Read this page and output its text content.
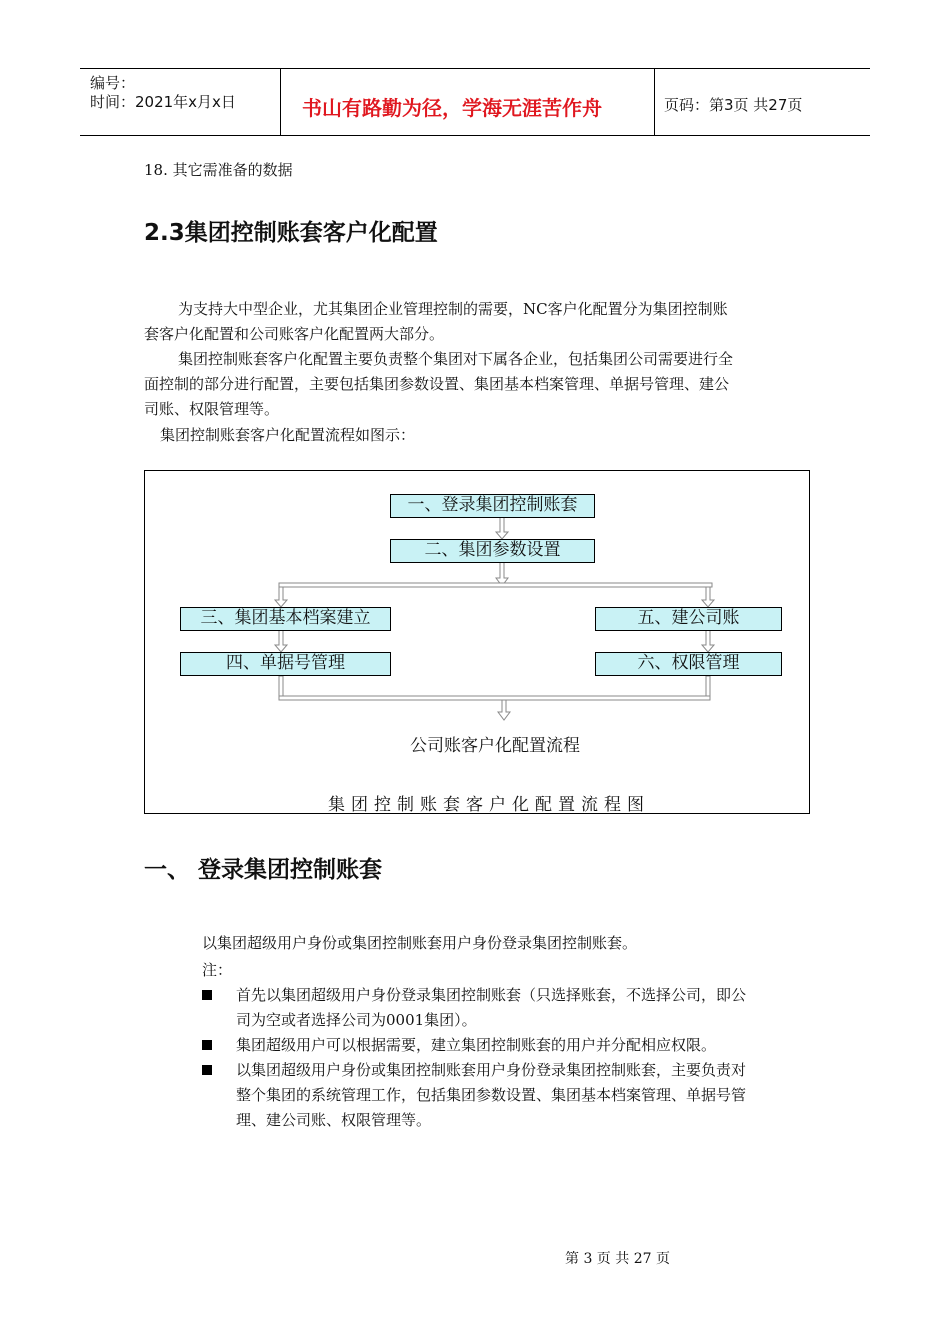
编号：
时间：2021年x月x日	书山有路勤为径，学海无涯苦作舟	页码：第3页 共27页
18. 其它需准备的数据
2.3集团控制账套客户化配置
为支持大中型企业，尤其集团企业管理控制的需要，NC客户化配置分为集团控制账
套客户化配置和公司账客户化配置两大部分。
集团控制账套客户化配置主要负责整个集团对下属各企业，包括集团公司需要进行全
面控制的部分进行配置，主要包括集团参数设置、集团基本档案管理、单据号管理、建公
司账、权限管理等。
集团控制账套客户化配置流程如图示：
一、登录集团控制账套
二、集团参数设置
三、集团基本档案建立
四、单据号管理
五、建公司账
六、权限管理
公司账客户化配置流程
集团控制账套客户化配置流程图
一、 登录集团控制账套
以集团超级用户身份或集团控制账套用户身份登录集团控制账套。
注：
首先以集团超级用户身份登录集团控制账套（只选择账套，不选择公司，即公
司为空或者选择公司为0001集团）。
集团超级用户可以根据需要，建立集团控制账套的用户并分配相应权限。
以集团超级用户身份或集团控制账套用户身份登录集团控制账套，主要负责对
整个集团的系统管理工作，包括集团参数设置、集团基本档案管理、单据号管
理、建公司账、权限管理等。
第 3 页 共 27 页
